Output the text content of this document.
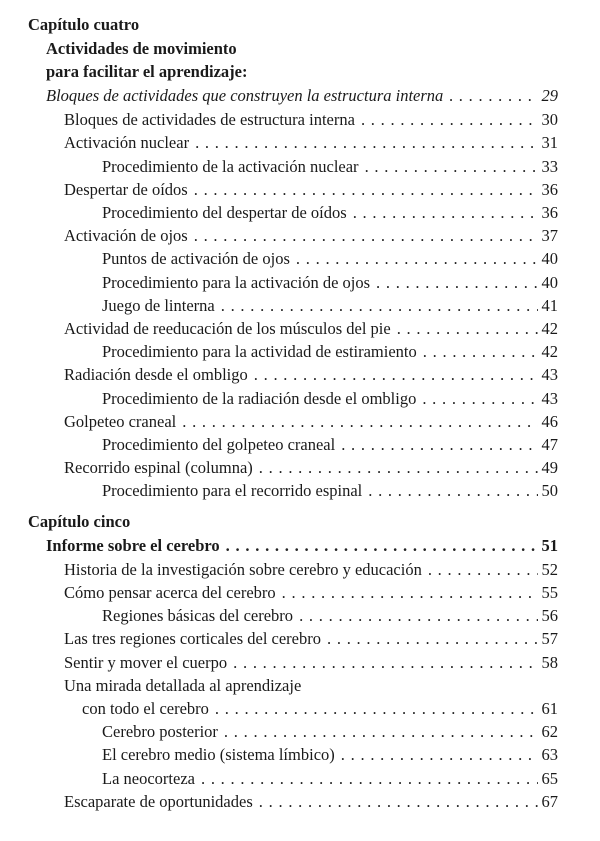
Capítulo cuatro
Actividades de movimiento
para facilitar el aprendizaje:
Bloques de actividades que construyen la estructura interna . . .	29
Bloques de actividades de estructura interna . . .	30
Activación nuclear . . .	31
Procedimiento de la activación nuclear . . .	33
Despertar de oídos . . .	36
Procedimiento del despertar de oídos . . .	36
Activación de ojos . . .	37
Puntos de activación de ojos . . .	40
Procedimiento para la activación de ojos . . .	40
Juego de linterna . . .	41
Actividad de reeducación de los músculos del pie . . .	42
Procedimiento para la actividad de estiramiento . . .	42
Radiación desde el ombligo . . .	43
Procedimiento de la radiación desde el ombligo . . .	43
Golpeteo craneal . . .	46
Procedimiento del golpeteo craneal . . .	47
Recorrido espinal (columna) . . .	49
Procedimiento para el recorrido espinal . . .	50
Capítulo cinco
Informe sobre el cerebro . . .	51
Historia de la investigación sobre cerebro y educación . . .	52
Cómo pensar acerca del cerebro . . .	55
Regiones básicas del cerebro . . .	56
Las tres regiones corticales del cerebro . . .	57
Sentir y mover el cuerpo . . .	58
Una mirada detallada al aprendizaje
con todo el cerebro . . .	61
Cerebro posterior . . .	62
El cerebro medio (sistema límbico) . . .	63
La neocorteza . . .	65
Escaparate de oportunidades . . .	67
